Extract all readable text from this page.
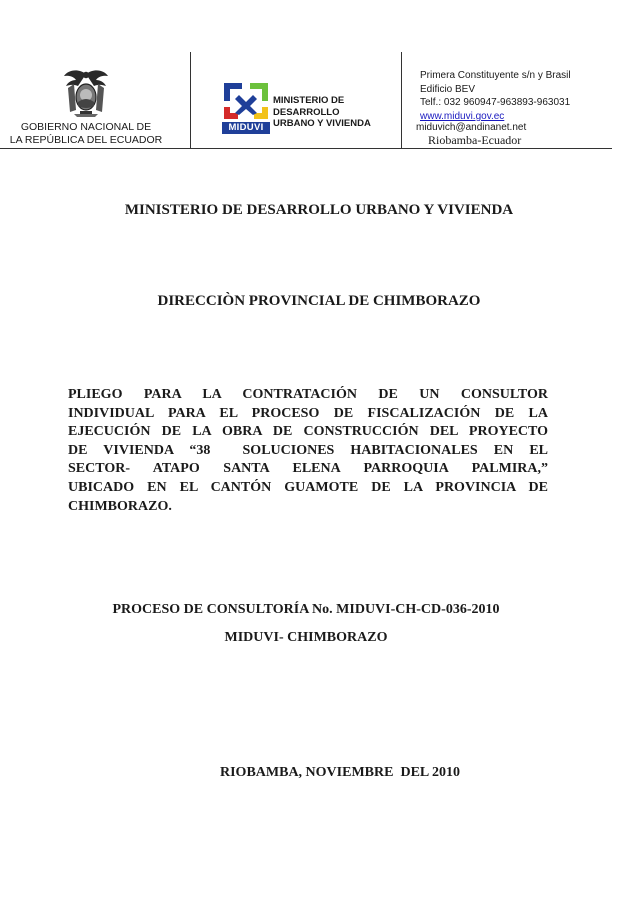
GOBIERNO NACIONAL DE
LA REPÚBLICA DEL ECUADOR
MIDUVI
MINISTERIO DE
DESARROLLO
URBANO Y VIVIENDA
Primera Constituyente s/n y Brasil
Edificio BEV
Telf.: 032 960947-963893-963031
www.miduvi.gov.ec
miduvich@andinanet.net
Riobamba-Ecuador
MINISTERIO DE DESARROLLO URBANO Y VIVIENDA
DIRECCIÒN PROVINCIAL DE CHIMBORAZO
PLIEGO PARA LA CONTRATACIÓN DE UN CONSULTOR
INDIVIDUAL PARA EL PROCESO DE FISCALIZACIÓN DE LA
EJECUCIÓN DE LA OBRA DE CONSTRUCCIÓN DEL PROYECTO
DE VIVIENDA “38  SOLUCIONES HABITACIONALES EN EL
SECTOR- ATAPO SANTA ELENA PARROQUIA PALMIRA,”
UBICADO EN EL CANTÓN GUAMOTE DE LA PROVINCIA DE
CHIMBORAZO.
PROCESO DE CONSULTORÍA No. MIDUVI-CH-CD-036-2010
MIDUVI- CHIMBORAZO
RIOBAMBA, NOVIEMBRE  DEL 2010
